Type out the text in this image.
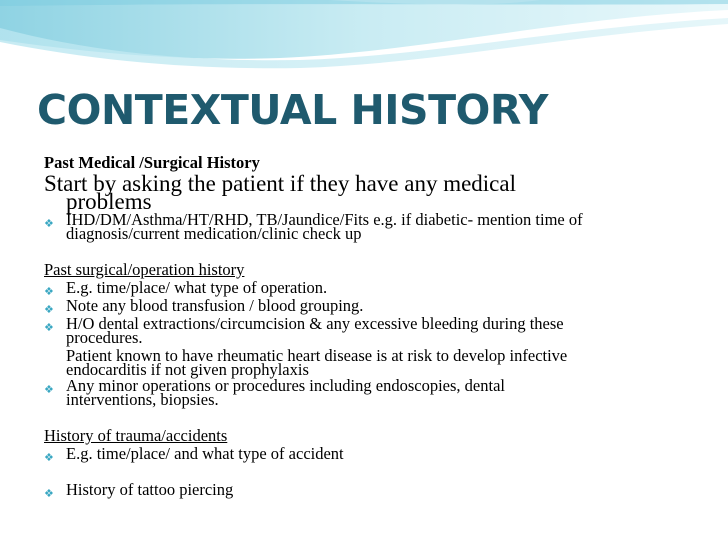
CONTEXTUAL HISTORY
Past Medical /Surgical History
Start by asking the patient if they have any medical
problems
❖ IHD/DM/Asthma/HT/RHD, TB/Jaundice/Fits e.g. if diabetic- mention time of
diagnosis/current medication/clinic check up
Past surgical/operation history
❖ E.g. time/place/ what type of operation.
❖ Note any blood transfusion / blood grouping.
❖ H/O dental extractions/circumcision & any excessive bleeding during these
procedures.
Patient known to have rheumatic heart disease is at risk to develop infective
endocarditis if not given prophylaxis
❖ Any minor operations or procedures including endoscopies, dental
interventions, biopsies.
History of trauma/accidents
❖ E.g. time/place/ and what type of accident
❖ History of tattoo piercing
